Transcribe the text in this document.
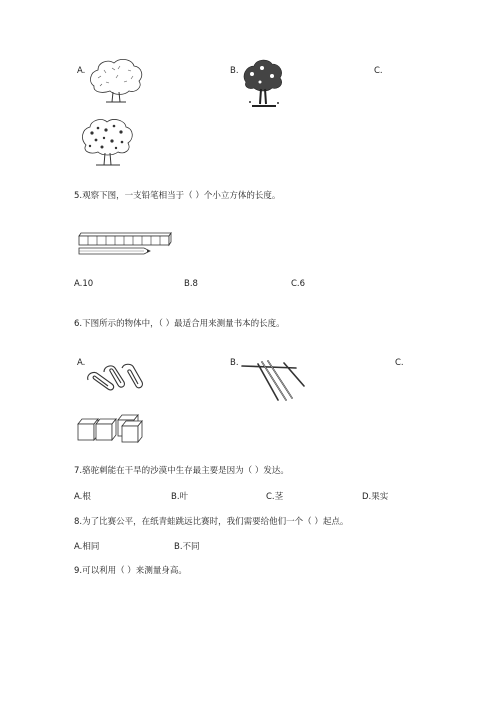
A.	B.	C.
5.观察下图，一支铅笔相当于（ ）个小立方体的长度。
A.10	B.8	C.6
6.下图所示的物体中，（ ）最适合用来测量书本的长度。
A.	B.	C.
7.骆驼刺能在干旱的沙漠中生存最主要是因为（ ）发达。
A.根	B.叶	C.茎	D.果实
8.为了比赛公平，在纸青蛙跳远比赛时，我们需要给他们一个（ ）起点。
A.相同	B.不同
9.可以利用（ ）来测量身高。
